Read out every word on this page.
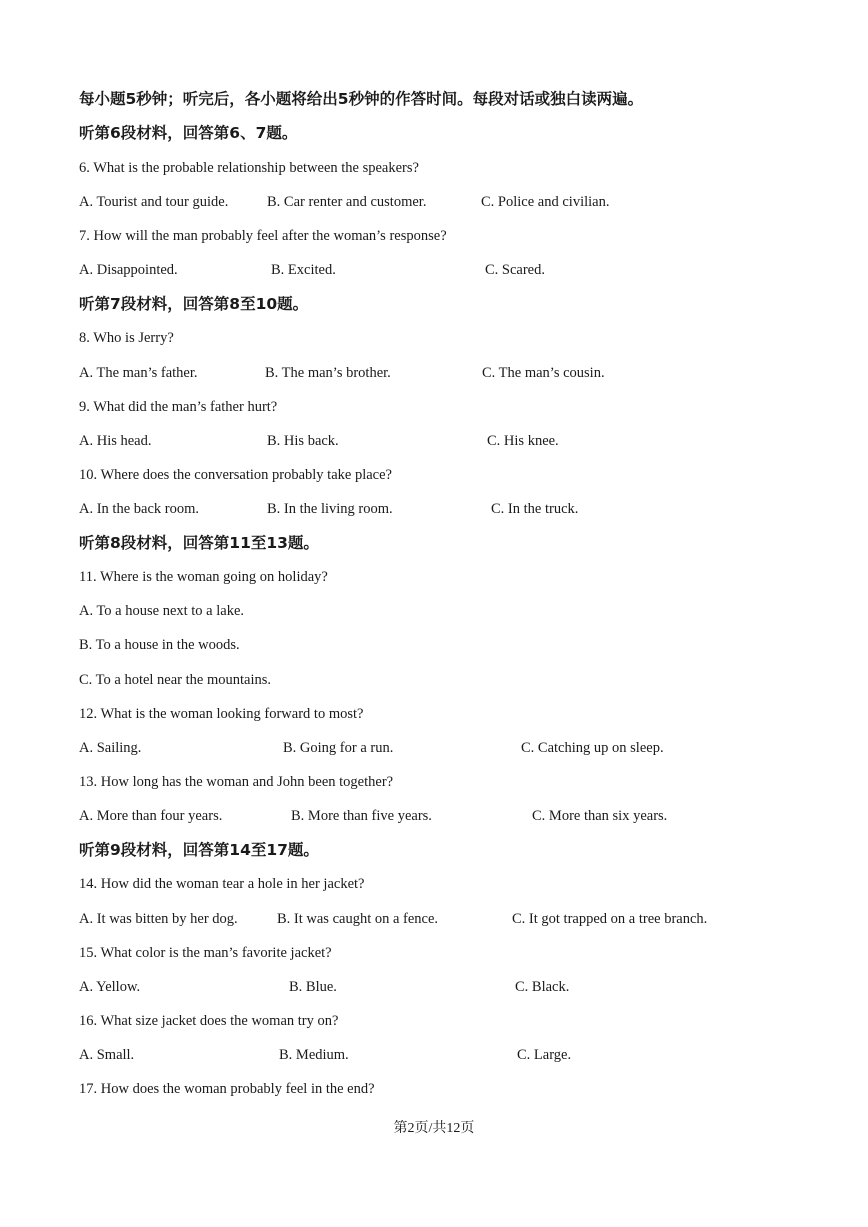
每小题5秒钟；听完后，各小题将给出5秒钟的作答时间。每段对话或独白读两遍。
听第6段材料，回答第6、7题。
6. What is the probable relationship between the speakers?
A. Tourist and tour guide.	B. Car renter and customer.	C. Police and civilian.
7. How will the man probably feel after the woman’s response?
A. Disappointed.	B. Excited.	C. Scared.
听第7段材料，回答第8至10题。
8. Who is Jerry?
A. The man’s father.	B. The man’s brother.	C. The man’s cousin.
9. What did the man’s father hurt?
A. His head.	B. His back.	C. His knee.
10. Where does the conversation probably take place?
A. In the back room.	B. In the living room.	C. In the truck.
听第8段材料，回答第11至13题。
11. Where is the woman going on holiday?
A. To a house next to a lake.
B. To a house in the woods.
C. To a hotel near the mountains.
12. What is the woman looking forward to most?
A. Sailing.	B. Going for a run.	C. Catching up on sleep.
13. How long has the woman and John been together?
A. More than four years.	B. More than five years.	C. More than six years.
听第9段材料，回答第14至17题。
14. How did the woman tear a hole in her jacket?
A. It was bitten by her dog.	B. It was caught on a fence.	C. It got trapped on a tree branch.
15. What color is the man’s favorite jacket?
A. Yellow.	B. Blue.	C. Black.
16. What size jacket does the woman try on?
A. Small.	B. Medium.	C. Large.
17. How does the woman probably feel in the end?
第2页/共12页
